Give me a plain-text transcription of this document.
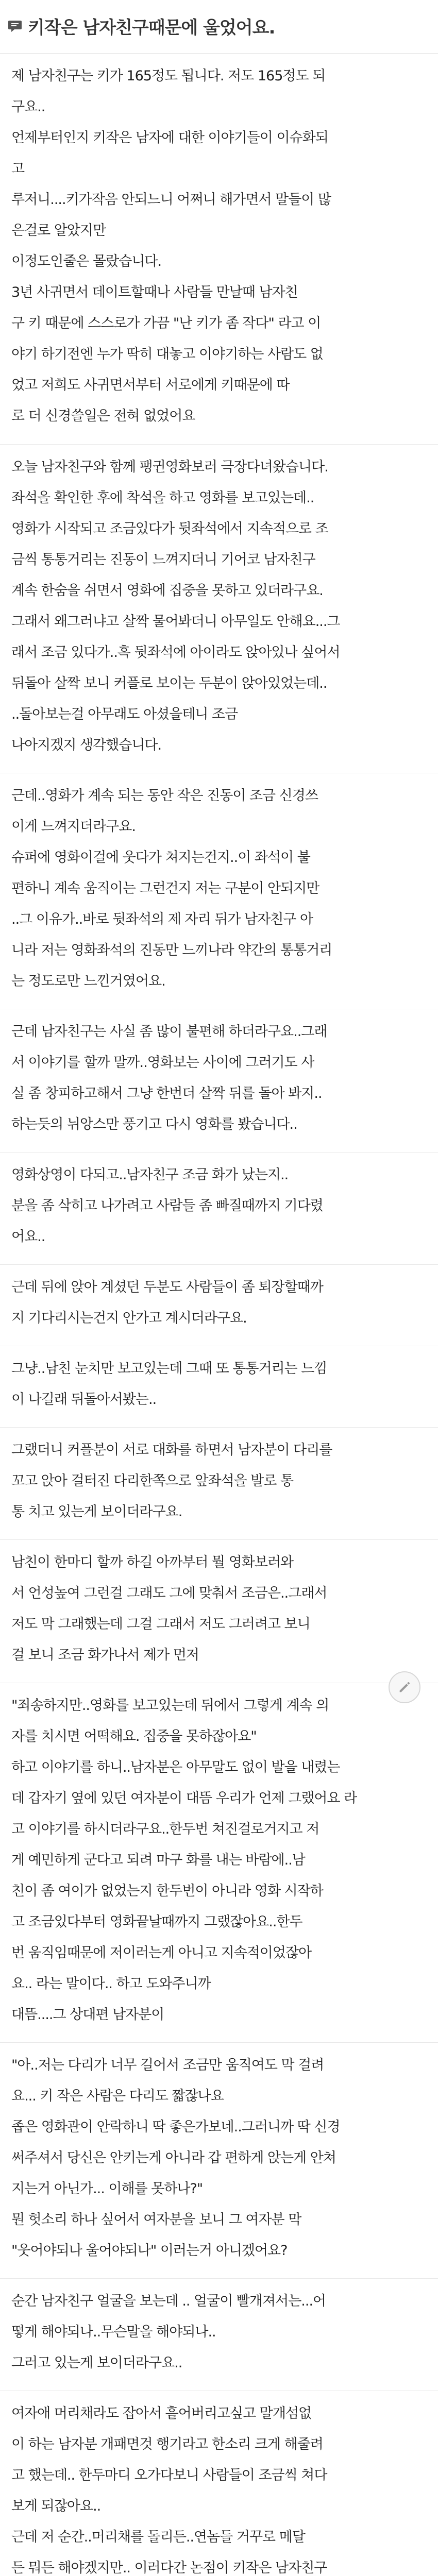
키작은 남자친구때문에 울었어요.
제 남자친구는 키가 165정도 됩니다. 저도 165정도 되
구요..
언제부터인지 키작은 남자에 대한 이야기들이 이슈화되
고
루저니....키가작음 안되느니 어쩌니 해가면서 말들이 많
은걸로 알았지만
이정도인줄은 몰랐습니다.
3년 사귀면서 데이트할때나 사람들 만날때 남자친
구 키 때문에 스스로가 가끔 "난 키가 좀 작다" 라고 이
야기 하기전엔 누가 딱히 대놓고 이야기하는 사람도 없
었고 저희도 사귀면서부터 서로에게 키때문에 따
로 더 신경쓸일은 전혀 없었어요
오늘 남자친구와 함께 팽귄영화보러 극장다녀왔습니다.
좌석을 확인한 후에 착석을 하고 영화를 보고있는데..
영화가 시작되고 조금있다가 뒷좌석에서 지속적으로 조
금씩 통통거리는 진동이 느껴지더니 기어코 남자친구
계속 한숨을 쉬면서 영화에 집중을 못하고 있더라구요.
그래서 왜그러냐고 살짝 물어봐더니 아무일도 안해요...그
래서 조금 있다가..흑 뒷좌석에 아이라도 앉아있나 싶어서
뒤돌아 살짝 보니 커플로 보이는 두분이 앉아있었는데..
..돌아보는걸 아무래도 아셨을테니 조금
나아지겠지 생각했습니다.
근데..영화가 계속 되는 동안 작은 진동이 조금 신경쓰
이게 느껴지더라구요.
슈퍼에 영화이걸에 웃다가 쳐지는건지..이 좌석이 불
편하니 계속 움직이는 그런건지 저는 구분이 안되지만
..그 이유가..바로 뒷좌석의 제 자리 뒤가 남자친구 아
니라 저는 영화좌석의 진동만 느끼나라 약간의 통통거리
는 정도로만 느낀거였어요.
근데 남자친구는 사실 좀 많이 불편해 하더라구요..그래
서 이야기를 할까 말까..영화보는 사이에 그러기도 사
실 좀 창피하고해서 그냥 한번더 살짝 뒤를 돌아 봐지..
하는듯의 뉘앙스만 풍기고 다시 영화를 봤습니다..
영화상영이 다되고..남자친구 조금 화가 났는지..
분을 좀 삭히고 나가려고 사람들 좀 빠질때까지 기다렸
어요..
근데 뒤에 앉아 계셨던 두분도 사람들이 좀 퇴장할때까
지 기다리시는건지 안가고 계시더라구요.
그냥..남친 눈치만 보고있는데 그때 또 통통거리는 느낌
이 나길래 뒤돌아서봤는..
그랬더니 커플분이 서로 대화를 하면서 남자분이 다리를
꼬고 앉아 걸터진 다리한쪽으로 앞좌석을 발로 통
통 치고 있는게 보이더라구요.
남친이 한마디 할까 하길 아까부터 뭘 영화보러와
서 언성높여 그런걸 그래도 그에 맞춰서 조금은..그래서
저도 막 그래했는데 그걸 그래서 저도 그러려고 보니
걸 보니 조금 화가나서 제가 먼저
"죄송하지만..영화를 보고있는데 뒤에서 그렇게 계속 의
자를 치시면 어떡해요. 집중을 못하잖아요"
하고 이야기를 하니..남자분은 아무말도 없이 발을 내렸는
데 갑자기 옆에 있던 여자분이 대뜸 우리가 언제 그랬어요 라
고 이야기를 하시더라구요..한두번 쳐진걸로거지고 저
게 예민하게 군다고 되려 마구 화를 내는 바람에..남
친이 좀 여이가 없었는지 한두번이 아니라 영화 시작하
고 조금있다부터 영화끝날때까지 그랬잖아요..한두
번 움직임때문에 저이러는게 아니고 지속적이었잖아
요.. 라는 말이다.. 하고 도와주니까
대뜸....그 상대편 남자분이
"아..저는 다리가 너무 길어서 조금만 움직여도 막 걸려
요... 키 작은 사람은 다리도 짧잖나요
좁은 영화관이 안락하니 딱 좋은가보네..그러니까 딱 신경
써주셔서 당신은 안키는게 아니라 갑 편하게 앉는게 안쳐
지는거 아닌가... 이해를 못하나?"
뭔 헛소리 하나 싶어서 여자분을 보니 그 여자분 막
"웃어야되나 울어야되나" 이러는거 아니겠어요?
순간 남자친구 얼굴을 보는데 .. 얼굴이 빨개져서는...어
떻게 해야되나..무슨말을 해야되나..
그러고 있는게 보이더라구요..
여자애 머리채라도 잡아서 흩어버리고싶고 말개섬없
이 하는 남자분 개패면것 행기라고 한소리 크게 해줄려
고 했는데.. 한두마디 오가다보니 사람들이 조금씩 쳐다
보게 되잖아요..
근데 저 순간..머리채를 돌리든..연놈들 거꾸로 메달
든 뭐든 해야겠지만.. 이러다간 논점이 키작은 남자친구
